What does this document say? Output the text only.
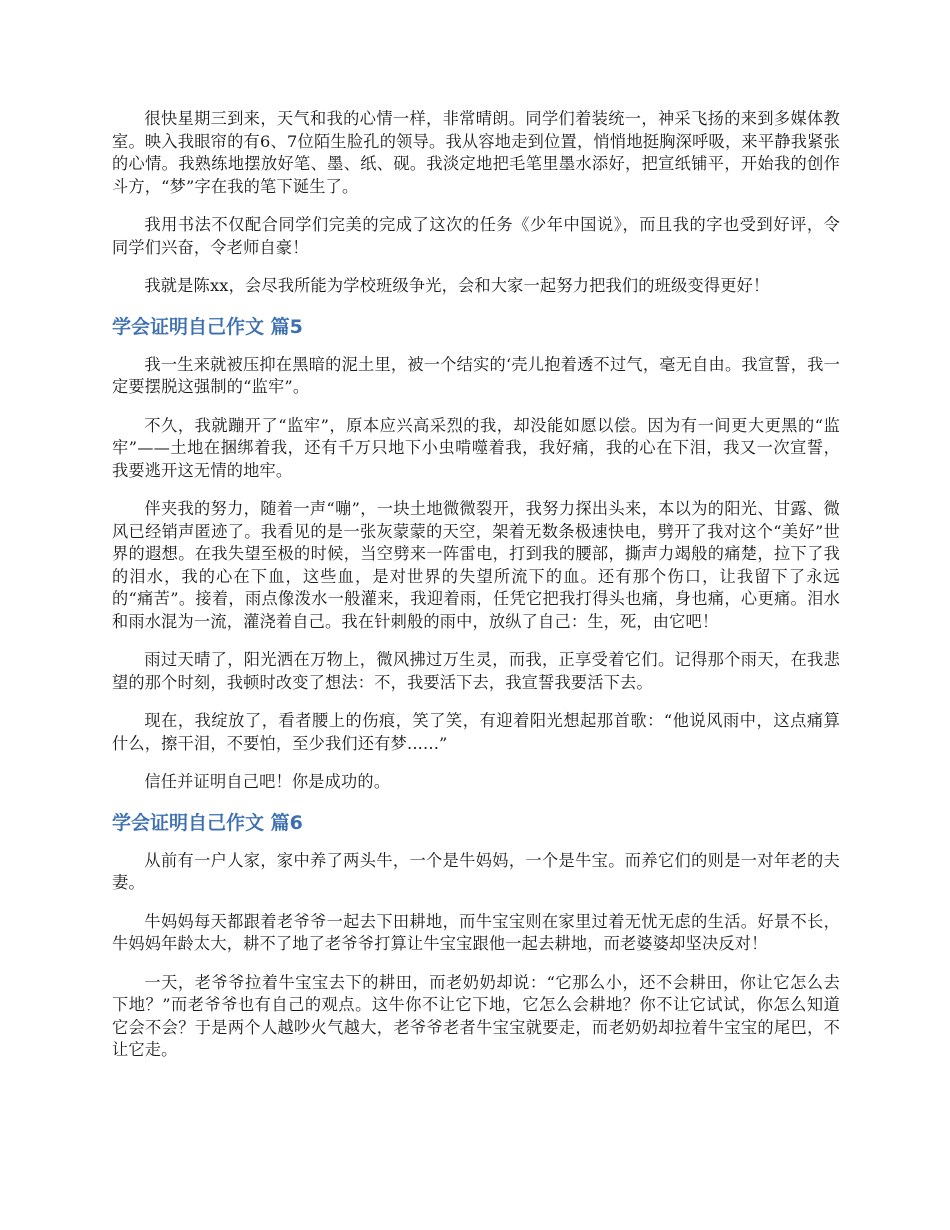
很快星期三到来，天气和我的心情一样，非常晴朗。同学们着装统一，神采飞扬的来到多媒体教室。映入我眼帘的有6、7位陌生脸孔的领导。我从容地走到位置，悄悄地挺胸深呼吸，来平静我紧张的心情。我熟练地摆放好笔、墨、纸、砚。我淡定地把毛笔里墨水添好，把宣纸铺平，开始我的创作斗方，“梦”字在我的笔下诞生了。

我用书法不仅配合同学们完美的完成了这次的任务《少年中国说》，而且我的字也受到好评，令同学们兴奋，令老师自豪！

我就是陈xx，会尽我所能为学校班级争光，会和大家一起努力把我们的班级变得更好！

学会证明自己作文 篇5

我一生来就被压抑在黑暗的泥土里，被一个结实的‘壳儿抱着透不过气，毫无自由。我宣誓，我一定要摆脱这强制的“监牢”。

不久，我就蹦开了“监牢”，原本应兴高采烈的我，却没能如愿以偿。因为有一间更大更黑的“监牢”——土地在捆绑着我，还有千万只地下小虫啃噬着我，我好痛，我的心在下泪，我又一次宣誓，我要逃开这无情的地牢。

伴夹我的努力，随着一声“嘣”，一块土地微微裂开，我努力探出头来，本以为的阳光、甘露、微风已经销声匿迹了。我看见的是一张灰蒙蒙的天空，架着无数条极速快电，劈开了我对这个“美好”世界的遐想。在我失望至极的时候，当空劈来一阵雷电，打到我的腰部，撕声力竭般的痛楚，拉下了我的泪水，我的心在下血，这些血，是对世界的失望所流下的血。还有那个伤口，让我留下了永远的“痛苦”。接着，雨点像泼水一般灌来，我迎着雨，任凭它把我打得头也痛，身也痛，心更痛。泪水和雨水混为一流，灌浇着自己。我在针刺般的雨中，放纵了自己：生，死，由它吧！

雨过天晴了，阳光洒在万物上，微风拂过万生灵，而我，正享受着它们。记得那个雨天，在我悲望的那个时刻，我顿时改变了想法：不，我要活下去，我宣誓我要活下去。

现在，我绽放了，看者腰上的伤痕，笑了笑，有迎着阳光想起那首歌：“他说风雨中，这点痛算什么，擦干泪，不要怕，至少我们还有梦......”

信任并证明自己吧！你是成功的。

学会证明自己作文 篇6

从前有一户人家，家中养了两头牛，一个是牛妈妈，一个是牛宝。而养它们的则是一对年老的夫妻。

牛妈妈每天都跟着老爷爷一起去下田耕地，而牛宝宝则在家里过着无忧无虑的生活。好景不长，牛妈妈年龄太大，耕不了地了老爷爷打算让牛宝宝跟他一起去耕地，而老婆婆却坚决反对！

一天，老爷爷拉着牛宝宝去下的耕田，而老奶奶却说：“它那么小，还不会耕田，你让它怎么去下地？”而老爷爷也有自己的观点。这牛你不让它下地，它怎么会耕地？你不让它试试，你怎么知道它会不会？于是两个人越吵火气越大，老爷爷老者牛宝宝就要走，而老奶奶却拉着牛宝宝的尾巴，不让它走。
